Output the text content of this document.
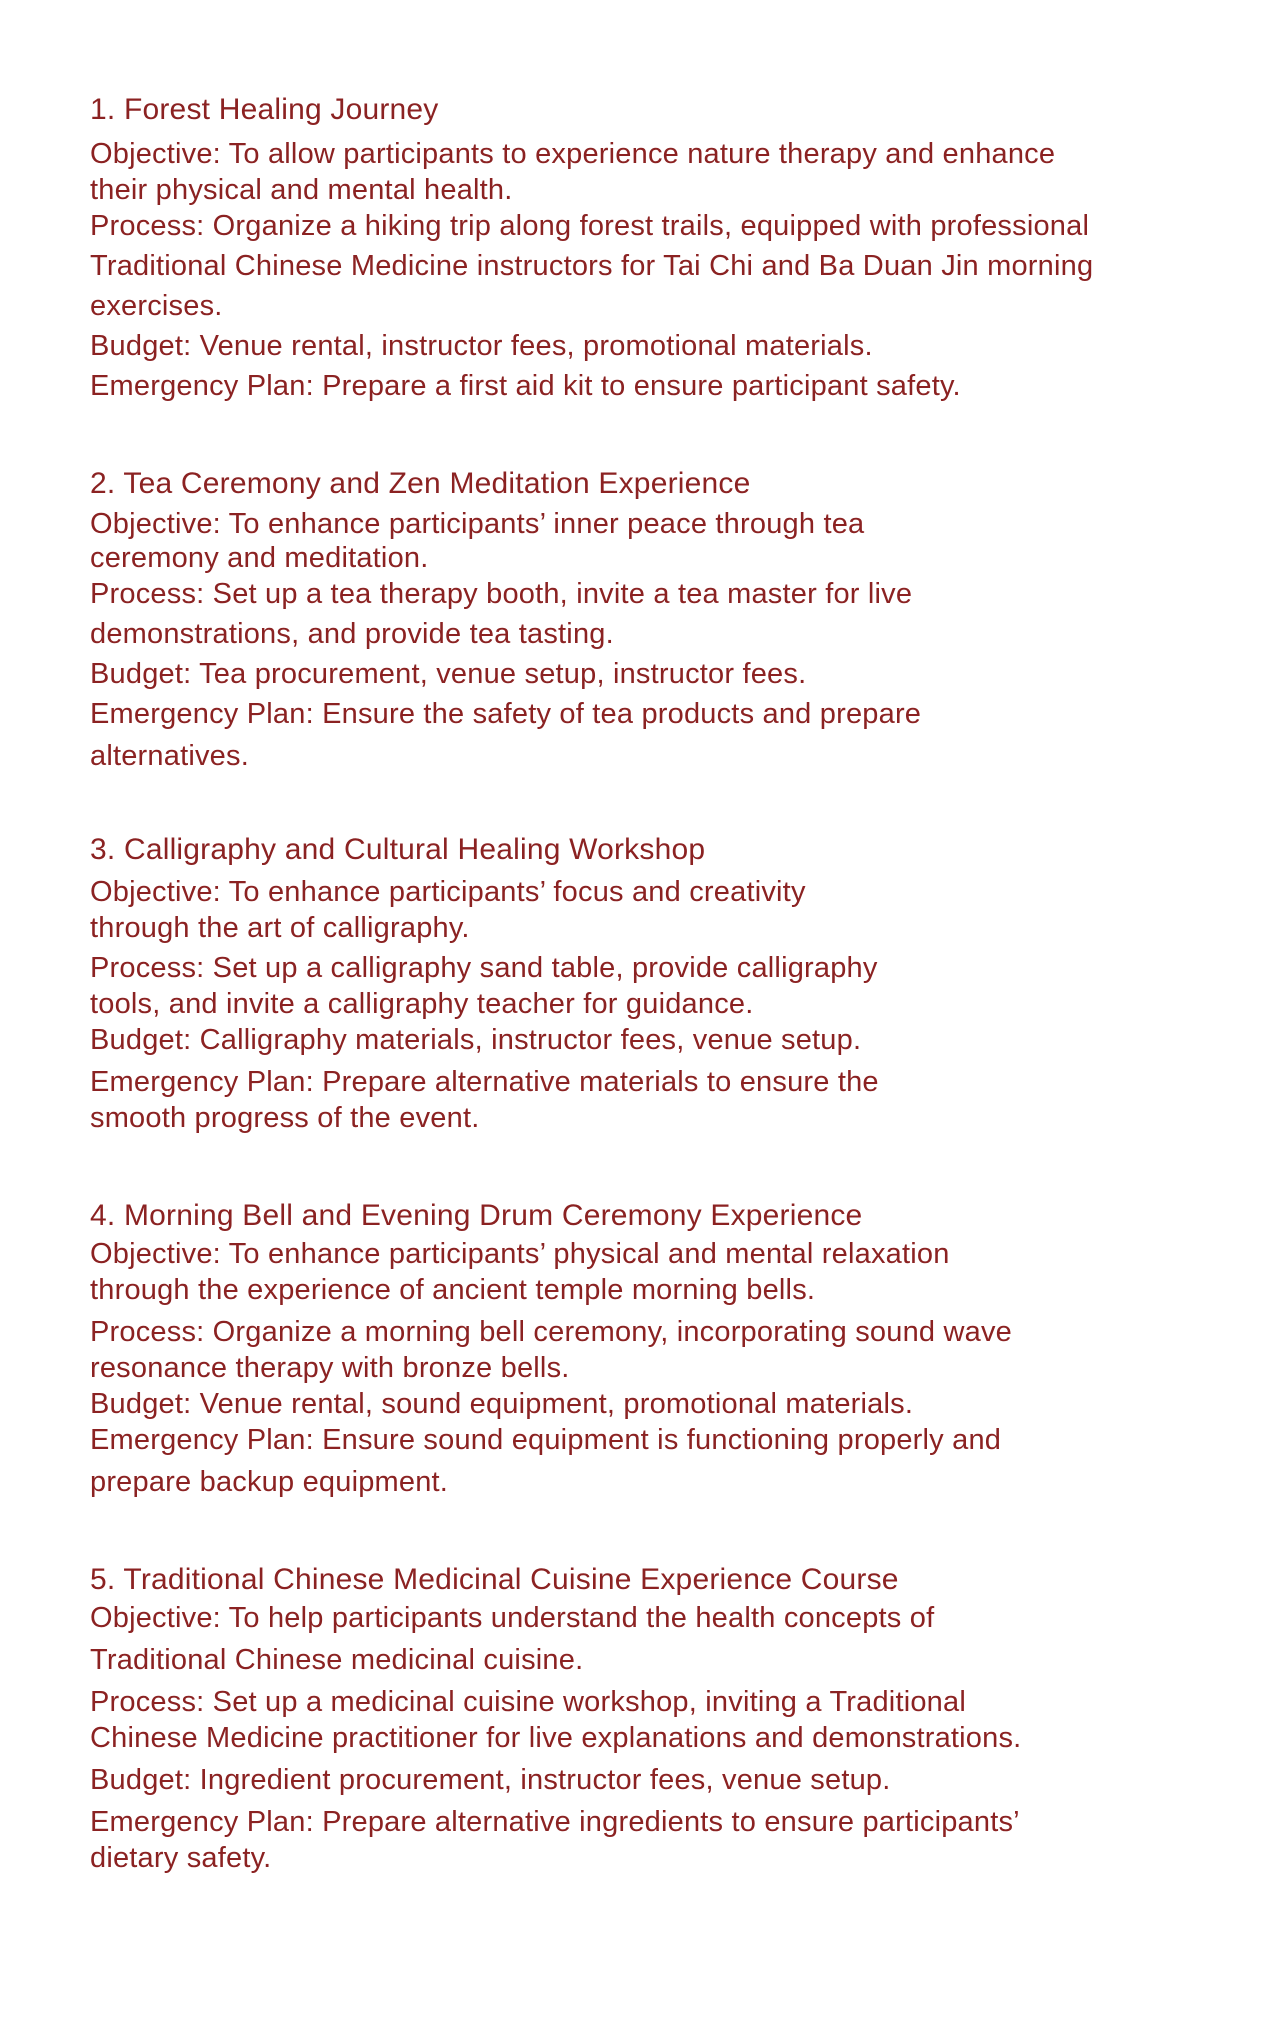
1. Forest Healing Journey
Objective: To allow participants to experience nature therapy and enhance
their physical and mental health.
Process: Organize a hiking trip along forest trails, equipped with professional
Traditional Chinese Medicine instructors for Tai Chi and Ba Duan Jin morning
exercises.
Budget: Venue rental, instructor fees, promotional materials.
Emergency Plan: Prepare a first aid kit to ensure participant safety.
2. Tea Ceremony and Zen Meditation Experience
Objective: To enhance participants’ inner peace through tea
ceremony and meditation.
Process: Set up a tea therapy booth, invite a tea master for live
demonstrations, and provide tea tasting.
Budget: Tea procurement, venue setup, instructor fees.
Emergency Plan: Ensure the safety of tea products and prepare
alternatives.
3. Calligraphy and Cultural Healing Workshop
Objective: To enhance participants’ focus and creativity
through the art of calligraphy.
Process: Set up a calligraphy sand table, provide calligraphy
tools, and invite a calligraphy teacher for guidance.
Budget: Calligraphy materials, instructor fees, venue setup.
Emergency Plan: Prepare alternative materials to ensure the
smooth progress of the event.
4. Morning Bell and Evening Drum Ceremony Experience
Objective: To enhance participants’ physical and mental relaxation
through the experience of ancient temple morning bells.
Process: Organize a morning bell ceremony, incorporating sound wave
resonance therapy with bronze bells.
Budget: Venue rental, sound equipment, promotional materials.
Emergency Plan: Ensure sound equipment is functioning properly and
prepare backup equipment.
5. Traditional Chinese Medicinal Cuisine Experience Course
Objective: To help participants understand the health concepts of
Traditional Chinese medicinal cuisine.
Process: Set up a medicinal cuisine workshop, inviting a Traditional
Chinese Medicine practitioner for live explanations and demonstrations.
Budget: Ingredient procurement, instructor fees, venue setup.
Emergency Plan: Prepare alternative ingredients to ensure participants’
dietary safety.
